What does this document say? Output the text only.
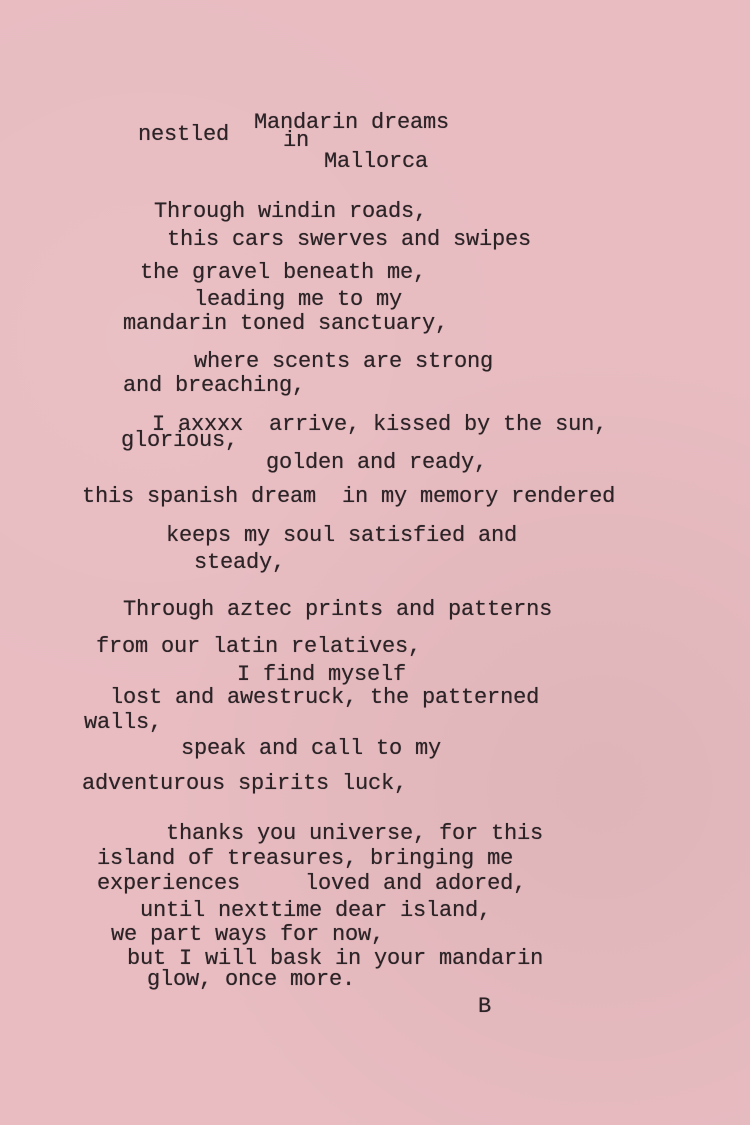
Mandarin dreams
nestled in
Mallorca
Through windin roads,
this cars swerves and swipes
the gravel beneath me,
leading me to my
mandarin toned sanctuary,
where scents are strong
and breaching,
I axxxx  arrive, kissed by the sun,
glorious,
golden and ready,
this spanish dream  in my memory rendered
keeps my soul satisfied and
steady,
Through aztec prints and patterns
from our latin relatives,
I find myself
lost and awestruck, the patterned
walls,
speak and call to my
adventurous spirits luck,
thanks you universe, for this
island of treasures, bringing me
experiences     loved and adored,
until nexttime dear island,
we part ways for now,
but I will bask in your mandarin
glow, once more.
B
